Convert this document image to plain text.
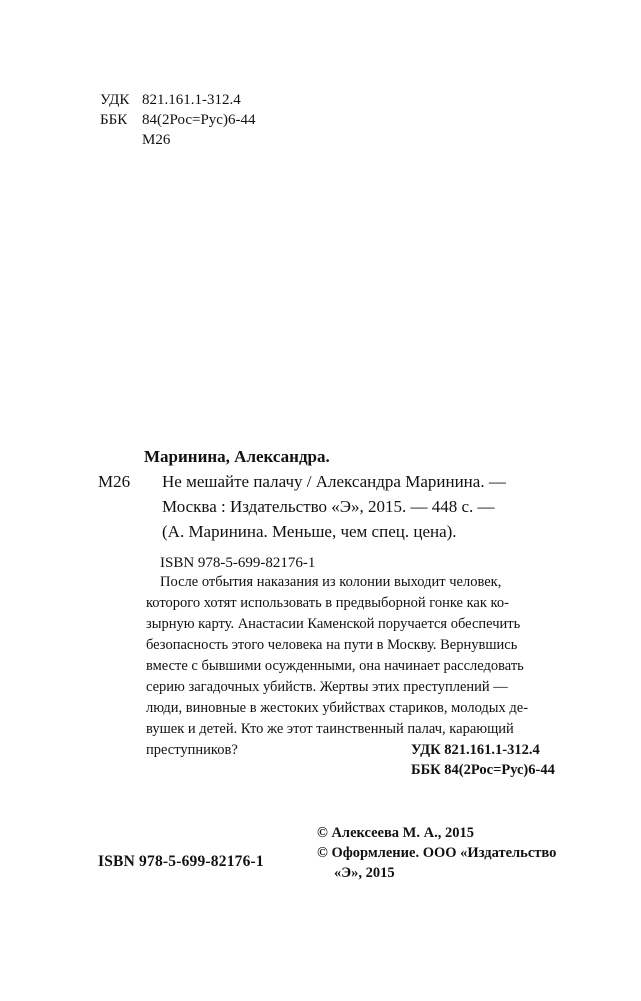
УДК 821.161.1-312.4
ББК 84(2Рос=Рус)6-44
М26
Маринина, Александра.
М26 Не мешайте палачу / Александра Маринина. —
Москва : Издательство «Э», 2015. — 448 с. —
(А. Маринина. Меньше, чем спец. цена).
ISBN 978-5-699-82176-1
После отбытия наказания из колонии выходит человек,
которого хотят использовать в предвыборной гонке как ко-
зырную карту. Анастасии Каменской поручается обеспечить
безопасность этого человека на пути в Москву. Вернувшись
вместе с бывшими осужденными, она начинает расследовать
серию загадочных убийств. Жертвы этих преступлений —
люди, виновные в жестоких убийствах стариков, молодых де-
вушек и детей. Кто же этот таинственный палач, карающий
преступников?	УДК 821.161.1-312.4
ББК 84(2Рос=Рус)6-44
© Алексеева М. А., 2015
© Оформление. ООО «Издательство
«Э», 2015
ISBN 978-5-699-82176-1
